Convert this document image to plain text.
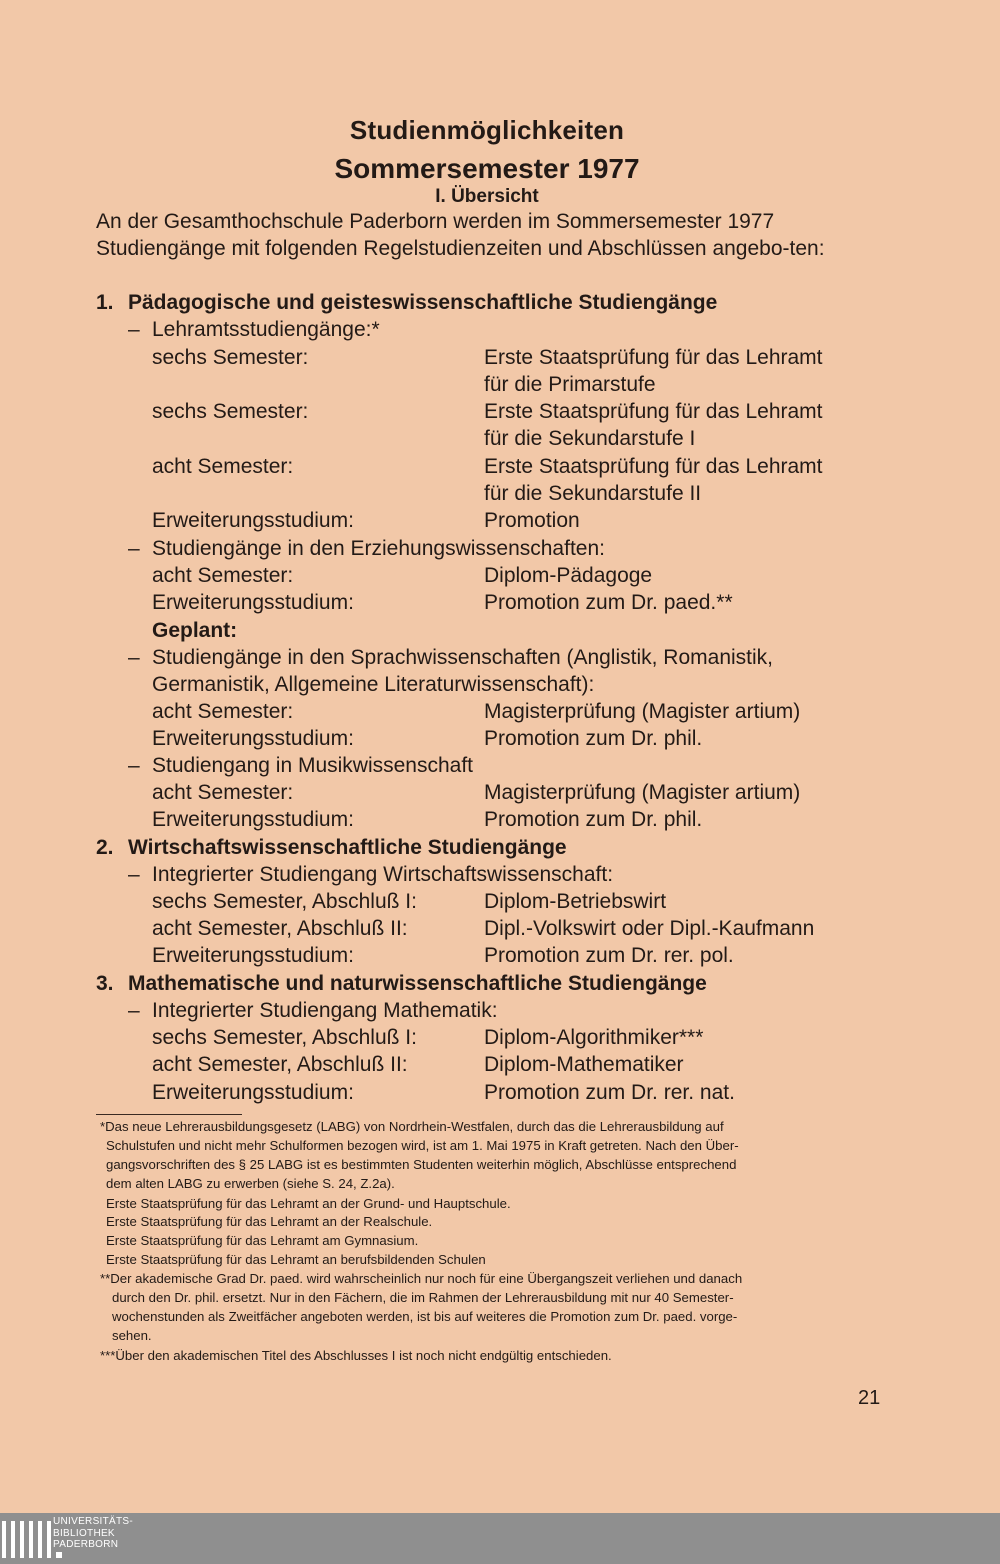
Studienmöglichkeiten
Sommersemester 1977
I. Übersicht
An der Gesamthochschule Paderborn werden im Sommersemester 1977 Studiengänge mit folgenden Regelstudienzeiten und Abschlüssen angebo-ten:
1. Pädagogische und geisteswissenschaftliche Studiengänge
– Lehramtsstudiengänge:*
sechs Semester:	Erste Staatsprüfung für das Lehramt
für die Primarstufe
sechs Semester:	Erste Staatsprüfung für das Lehramt
für die Sekundarstufe I
acht Semester:	Erste Staatsprüfung für das Lehramt
für die Sekundarstufe II
Erweiterungsstudium:	Promotion
– Studiengänge in den Erziehungswissenschaften:
acht Semester:	Diplom-Pädagoge
Erweiterungsstudium:	Promotion zum Dr. paed.**
Geplant:
– Studiengänge in den Sprachwissenschaften (Anglistik, Romanistik,
Germanistik, Allgemeine Literaturwissenschaft):
acht Semester:	Magisterprüfung (Magister artium)
Erweiterungsstudium:	Promotion zum Dr. phil.
– Studiengang in Musikwissenschaft
acht Semester:	Magisterprüfung (Magister artium)
Erweiterungsstudium:	Promotion zum Dr. phil.
2. Wirtschaftswissenschaftliche Studiengänge
– Integrierter Studiengang Wirtschaftswissenschaft:
sechs Semester, Abschluß I:	Diplom-Betriebswirt
acht Semester, Abschluß II:	Dipl.-Volkswirt oder Dipl.-Kaufmann
Erweiterungsstudium:	Promotion zum Dr. rer. pol.
3. Mathematische und naturwissenschaftliche Studiengänge
– Integrierter Studiengang Mathematik:
sechs Semester, Abschluß I:	Diplom-Algorithmiker***
acht Semester, Abschluß II:	Diplom-Mathematiker
Erweiterungsstudium:	Promotion zum Dr. rer. nat.
*Das neue Lehrerausbildungsgesetz (LABG) von Nordrhein-Westfalen, durch das die Lehrerausbildung auf
Schulstufen und nicht mehr Schulformen bezogen wird, ist am 1. Mai 1975 in Kraft getreten. Nach den Über-
gangsvorschriften des § 25 LABG ist es bestimmten Studenten weiterhin möglich, Abschlüsse entsprechend
dem alten LABG zu erwerben (siehe S. 24, Z.2a).
Erste Staatsprüfung für das Lehramt an der Grund- und Hauptschule.
Erste Staatsprüfung für das Lehramt an der Realschule.
Erste Staatsprüfung für das Lehramt am Gymnasium.
Erste Staatsprüfung für das Lehramt an berufsbildenden Schulen
**Der akademische Grad Dr. paed. wird wahrscheinlich nur noch für eine Übergangszeit verliehen und danach
durch den Dr. phil. ersetzt. Nur in den Fächern, die im Rahmen der Lehrerausbildung mit nur 40 Semester-
wochenstunden als Zweitfächer angeboten werden, ist bis auf weiteres die Promotion zum Dr. paed. vorge-
sehen.
***Über den akademischen Titel des Abschlusses I ist noch nicht endgültig entschieden.
21
UNIVERSITÄTS-
BIBLIOTHEK
PADERBORN
